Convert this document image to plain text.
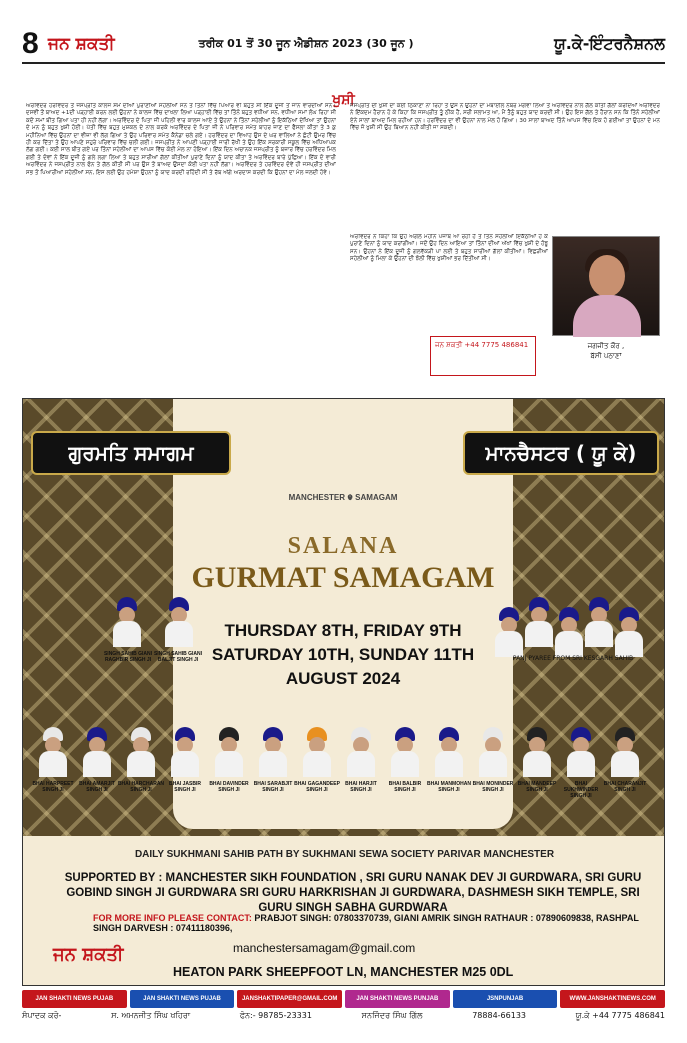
8 ਜਨ ਸ਼ਕਤੀ	ਤਰੀਕ 01 ਤੋਂ 30 ਜੂਨ ਐਡੀਸ਼ਨ 2023 (30 ਜੂਨ )	ਯੂ.ਕੇ-ਇੰਟਰਨੈਸ਼ਨਲ
ਖੁਸ਼ੀ
ਅਰਵਿੰਦਰ ਹਰਵਿੰਦਰ ਤੇ ਜਸਪ੍ਰੀਤ ਕਾਲਜ ਸਮੇਂ ਦੀਆਂ ਪੁਰਾਣੀਆਂ ਸਹੇਲੀਆਂ ਸਨ ਤੇ ਤਿੰਨਾਂ ਵਿੱਚ ਪਿਆਰ ਵੀ ਬਹੁਤ ਸੀ ਇੱਕ ਦੂਜੀ ਤੋਂ ਜਾਨ ਵਾਰਦੀਆਂ ਸਨ। ਦਸਵੀਂ ਤੋਂ ਬਾਅਦ +1ਦੀ ਪੜ੍ਹਾਈ ਕਰਨ ਲਈ ਉਹਨਾਂ ਨੇ ਕਾਲਜ ਵਿੱਚ ਦਾਖਲਾ ਲਿਆ ਪੜ੍ਹਾਈ ਵਿੱਚ ਤਾਂ ਤਿੰਨੋ ਬਹੁਤ ਵਧੀਆ ਸਨ, ਵਧੀਆ ਸਮਾਂ ਲੰਘ ਰਿਹਾ ਸੀ ਕਦੋਂ ਸਮਾਂ ਬੀਤ ਗਿਆ ਪਤਾ ਹੀ ਨਹੀਂ ਲੱਗਾ। ਅਰਵਿੰਦਰ ਦੇ ਪਿਤਾ ਜੀ ਪਹਿਲੀ ਵਾਰ ਕਾਲਜ ਆਏ ਤੇ ਉਹਨਾਂ ਨੇ ਤਿੰਨਾਂ ਸਹੇਲੀਆਂ ਨੂੰ ਇਕੱਠਿਆਂ ਦੇਖਿਆ ਤਾਂ ਉਹਨਾਂ ਦੇ ਮਨ ਨੂੰ ਬਹੁਤ ਖੁਸ਼ੀ ਹੋਈ। ਪੱਤੀ ਵਿੱਚ ਬਹੁਤ ਮੁਸ਼ਕਲ ਦੇ ਨਾਲ ਕਰਕੇ ਅਰਵਿੰਦਰ ਦੇ ਪਿਤਾ ਜੀ ਨੇ ਪਰਿਵਾਰ ਸਮੇਤ ਬਾਹਰ ਜਾਣ ਦਾ ਫੈਸਲਾ ਕੀਤਾ ਤੇ 3 ਕੁ ਮਹੀਨਿਆਂ ਵਿੱਚ ਉਹਨਾਂ ਦਾ ਵੀਜ਼ਾ ਵੀ ਲੱਗ ਗਿਆ ਤੇ ਉਹ ਪਰਿਵਾਰ ਸਮੇਤ ਕੈਨੇਡਾ ਚਲੇ ਗਏ। ਹਰਵਿੰਦਰ ਦਾ ਵਿਆਹ ਉਸ ਦੇ ਘਰ ਵਾਲਿਆਂ ਨੇ ਛੋਟੀ ਉਮਰ ਵਿੱਚ ਹੀ ਕਰ ਦਿੱਤਾ ਤੇ ਉਹ ਆਪਣੇ ਸਹੁਰੇ ਪਰਿਵਾਰ ਵਿੱਚ ਚਲੀ ਗਈ। ਜਸਪ੍ਰੀਤ ਨੇ ਆਪਣੀ ਪੜ੍ਹਾਈ ਜਾਰੀ ਰੱਖੀ ਤੇ ਉਹ ਇੱਕ ਸਰਕਾਰੀ ਸਕੂਲ ਵਿੱਚ ਅਧਿਆਪਕ ਲੱਗ ਗਈ। ਕਈ ਸਾਲ ਬੀਤ ਗਏ ਪਰ ਤਿੰਨਾਂ ਸਹੇਲੀਆਂ ਦਾ ਆਪਸ ਵਿੱਚ ਕੋਈ ਮੇਲ ਨਾ ਹੋਇਆ। ਇੱਕ ਦਿਨ ਅਚਾਨਕ ਜਸਪ੍ਰੀਤ ਨੂੰ ਬਜ਼ਾਰ ਵਿੱਚ ਹਰਵਿੰਦਰ ਮਿਲ ਗਈ ਤੇ ਦੋਵਾਂ ਨੇ ਇੱਕ ਦੂਜੀ ਨੂੰ ਗਲੇ ਲਗਾ ਲਿਆ ਤੇ ਬਹੁਤ ਸਾਰੀਆਂ ਗੱਲਾਂ ਕੀਤੀਆਂ ਪੁਰਾਣੇ ਦਿਨਾਂ ਨੂੰ ਯਾਦ ਕੀਤਾ ਤੇ ਅਰਵਿੰਦਰ ਬਾਰੇ ਪੁੱਛਿਆ। ਇੱਕ ਦੋ ਵਾਰੀ ਅਰਵਿੰਦਰ ਨੇ ਜਸਪ੍ਰੀਤ ਨਾਲ ਫੋਨ ਤੇ ਗੱਲ ਕੀਤੀ ਸੀ ਪਰ ਉਸ ਤੋਂ ਬਾਅਦ ਉਸਦਾ ਕੋਈ ਪਤਾ ਨਹੀਂ ਲੱਗਾ। ਅਰਵਿੰਦਰ ਤੇ ਹਰਵਿੰਦਰ ਦੋਵੇਂ ਹੀ ਜਸਪ੍ਰੀਤ ਦੀਆਂ ਸਭ ਤੋਂ ਪਿਆਰੀਆਂ ਸਹੇਲੀਆਂ ਸਨ, ਇਸ ਲਈ ਉਹ ਹਮੇਸ਼ਾ ਉਹਨਾਂ ਨੂੰ ਯਾਦ ਕਰਦੀ ਰਹਿੰਦੀ ਸੀ ਤੇ ਰੱਬ ਅੱਗੇ ਅਰਦਾਸ ਕਰਦੀ ਕਿ ਉਹਨਾਂ ਦਾ ਮੇਲ ਜਲਦੀ ਹੋਵੇ।
ਜਸਪ੍ਰੀਤ ਦੀ ਖੁਸ਼ੀ ਦਾ ਕੋਈ ਠਿਕਾਣਾ ਨਾ ਰਿਹਾ ਤੇ ਉਸ ਨੇ ਉਹਨਾਂ ਦਾ ਮੋਬਾਈਲ ਨੰਬਰ ਮੰਗਵਾ ਲਿਆ ਤੇ ਅਰਵਿੰਦਰ ਨਾਲ ਗੱਲ ਕੀਤੀ ਗੱਲਾਂ ਕਰਦਿਆਂ ਅਰਵਿੰਦਰ ਨੇ ਇੱਕਦਮ ਹੈਰਾਨ ਹੋ ਕੇ ਕਿਹਾ ਕਿ ਜਸਪ੍ਰੀਤ ਤੂੰ ਠੀਕ ਹੈਂ, ਸਰੀ ਸਲਾਮਤ ਆ, ਮੈਂ ਤੈਨੂੰ ਬਹੁਤ ਯਾਦ ਕਰਦੀ ਸੀ। ਉਹ ਇਸ ਗੱਲ ਤੇ ਹੈਰਾਨ ਸਨ ਕਿ ਤਿੰਨੋ ਸਹੇਲੀਆਂ ਏਨੇ ਸਾਲਾਂ ਬਾਅਦ ਮਿਲ ਰਹੀਆਂ ਹਨ। ਹਰਵਿੰਦਰ ਦਾ ਵੀ ਉਹਨਾਂ ਨਾਲ ਮੇਲ ਹੋ ਗਿਆ। 30 ਸਾਲਾਂ ਬਾਅਦ ਤਿੰਨੋ ਆਪਸ ਵਿੱਚ ਇਕ ਹੋ ਗਈਆਂ ਤਾਂ ਉਹਨਾਂ ਦੇ ਮਨ ਵਿੱਚ ਜੋ ਖੁਸ਼ੀ ਸੀ ਉਹ ਬਿਆਨ ਨਹੀਂ ਕੀਤੀ ਜਾ ਸਕਦੀ।
ਅਰਵਿੰਦਰ ਨੇ ਕਿਹਾ ਕਿ ਉਹ ਅਗਲੇ ਮਹੀਨੇ ਪੰਜਾਬ ਆ ਰਹੀ ਹੈ ਤੇ ਤਿੰਨੋ ਸਹੇਲੀਆਂ ਇਕੱਠੀਆਂ ਹੋ ਕੇ ਪੁਰਾਣੇ ਦਿਨਾਂ ਨੂੰ ਯਾਦ ਕਰਾਂਗੀਆਂ। ਜਦੋਂ ਉਹ ਦਿਨ ਆਇਆ ਤਾਂ ਤਿੰਨਾਂ ਦੀਆਂ ਅੱਖਾਂ ਵਿੱਚ ਖੁਸ਼ੀ ਦੇ ਹੰਝੂ ਸਨ। ਉਹਨਾਂ ਨੇ ਇੱਕ ਦੂਜੀ ਨੂੰ ਗਲਵੱਕੜੀ ਪਾ ਲਈ ਤੇ ਬਹੁਤ ਸਾਰੀਆਂ ਗੱਲਾਂ ਕੀਤੀਆਂ। ਵਿਛੜੀਆਂ ਸਹੇਲੀਆਂ ਨੂੰ ਮਿਲਾ ਕੇ ਉਹਨਾਂ ਦੀ ਝੋਲੀ ਵਿੱਚ ਖੁਸ਼ੀਆਂ ਭਰ ਦਿੱਤੀਆਂ ਸੀ।
ਜਨ ਸ਼ਕਤੀ +44 7775 486841	ਜਗਜੀਤ ਕੌਰ ,
ਬੱਸੀ ਪਠਾਣਾਂ
ਗੁਰਮਤਿ ਸਮਾਗਮ	ਮਾਨਚੈਸਟਰ ( ਯੂ ਕੇ)
MANCHESTER ☬ SAMAGAM
SALANA
GURMAT SAMAGAM
THURSDAY 8TH, FRIDAY 9TH
SATURDAY 10TH, SUNDAY 11TH
AUGUST 2024
SINGH SAHIB GIANI RAGHBIR SINGH JI
SINGH SAHIB GIANI BALJIT SINGH JI	PANJ PYAREE FROM SRI KESGARH SAHIB
BHAI HARPREET SINGH JI
BHAI AMARJIT SINGH JI
BHAI HARCHARAN SINGH JI
BHAI JASBIR SINGH JI
BHAI DAVINDER SINGH JI
BHAI SARABJIT SINGH JI
BHAI GAGANDEEP SINGH JI
BHAI HARJIT SINGH JI
BHAI BALBIR SINGH JI
BHAI MANMOHAN SINGH JI
BHAI MONINDER SINGH JI
BHAI MANDEEP SINGH JI
BHAI SUKHWINDER SINGH JI
BHAI CHARANJIT SINGH JI
DAILY SUKHMANI SAHIB PATH BY SUKHMANI SEWA SOCIETY PARIVAR MANCHESTER
SUPPORTED BY : MANCHESTER SIKH FOUNDATION , SRI GURU NANAK DEV JI GURDWARA, SRI GURU GOBIND SINGH JI GURDWARA SRI GURU HARKRISHAN JI GURDWARA, DASHMESH SIKH TEMPLE, SRI GURU SINGH SABHA GURDWARA
FOR MORE INFO PLEASE CONTACT: PRABJOT SINGH: 07803370739, GIANI AMRIK SINGH RATHAUR : 07890609838, RASHPAL SINGH DARVESH : 07411180396,
ਜਨ ਸ਼ਕਤੀ	manchestersamagam@gmail.com
HEATON PARK SHEEPFOOT LN, MANCHESTER M25 0DL
JAN SHAKTI NEWS PUJAB	JAN SHAKTI NEWS PUJAB	JANSHAKTIPAPER@GMAIL.COM	JAN SHAKTI NEWS PUNJAB	JSNPUNJAB	WWW.JANSHAKTINEWS.COM
ਸੰਪਾਦਕ ਕਰੋ-	ਸ. ਅਮਨਜੀਤ ਸਿੰਘ ਖਹਿਰਾ	ਫੋਨ:- 98785-23331	ਸਨਜਿੰਦਰ ਸਿੰਘ ਗਿੱਲ	78884-66133	ਯੂ.ਕੇ +44 7775 486841
